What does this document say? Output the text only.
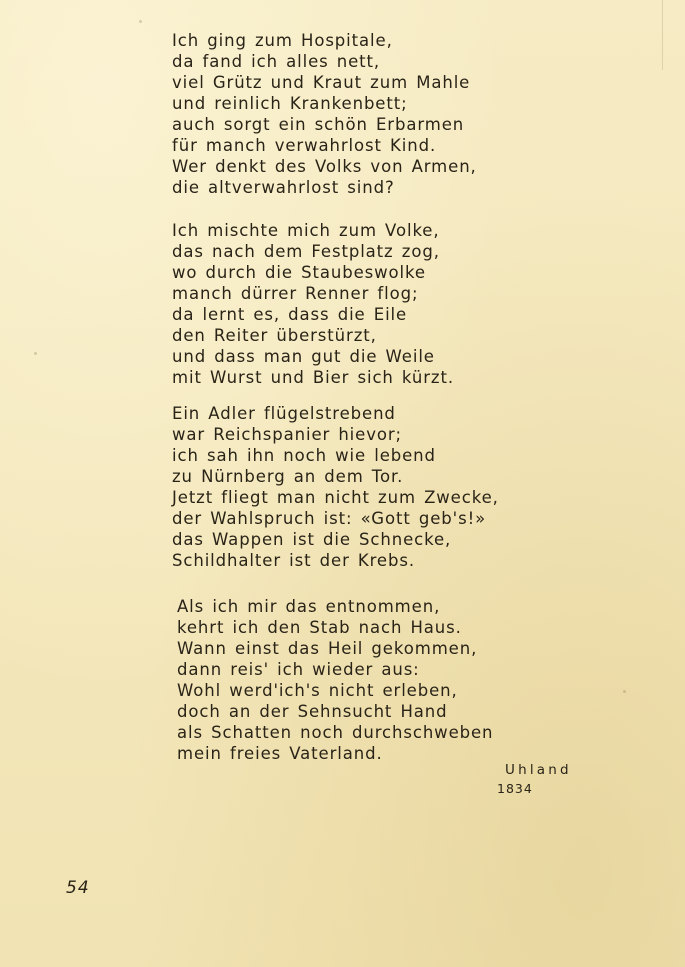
Ich ging zum Hospitale,
da fand ich alles nett,
viel Grütz und Kraut zum Mahle
und reinlich Krankenbett;
auch sorgt ein schön Erbarmen
für manch verwahrlost Kind.
Wer denkt des Volks von Armen,
die altverwahrlost sind?
Ich mischte mich zum Volke,
das nach dem Festplatz zog,
wo durch die Staubeswolke
manch dürrer Renner flog;
da lernt es, dass die Eile
den Reiter überstürzt,
und dass man gut die Weile
mit Wurst und Bier sich kürzt.
Ein Adler flügelstrebend
war Reichspanier hievor;
ich sah ihn noch wie lebend
zu Nürnberg an dem Tor.
Jetzt fliegt man nicht zum Zwecke,
der Wahlspruch ist: «Gott geb's!»
das Wappen ist die Schnecke,
Schildhalter ist der Krebs.
Als ich mir das entnommen,
kehrt ich den Stab nach Haus.
Wann einst das Heil gekommen,
dann reis' ich wieder aus:
Wohl werd'ich's nicht erleben,
doch an der Sehnsucht Hand
als Schatten noch durchschweben
mein freies Vaterland.
Uhland
1834
54
